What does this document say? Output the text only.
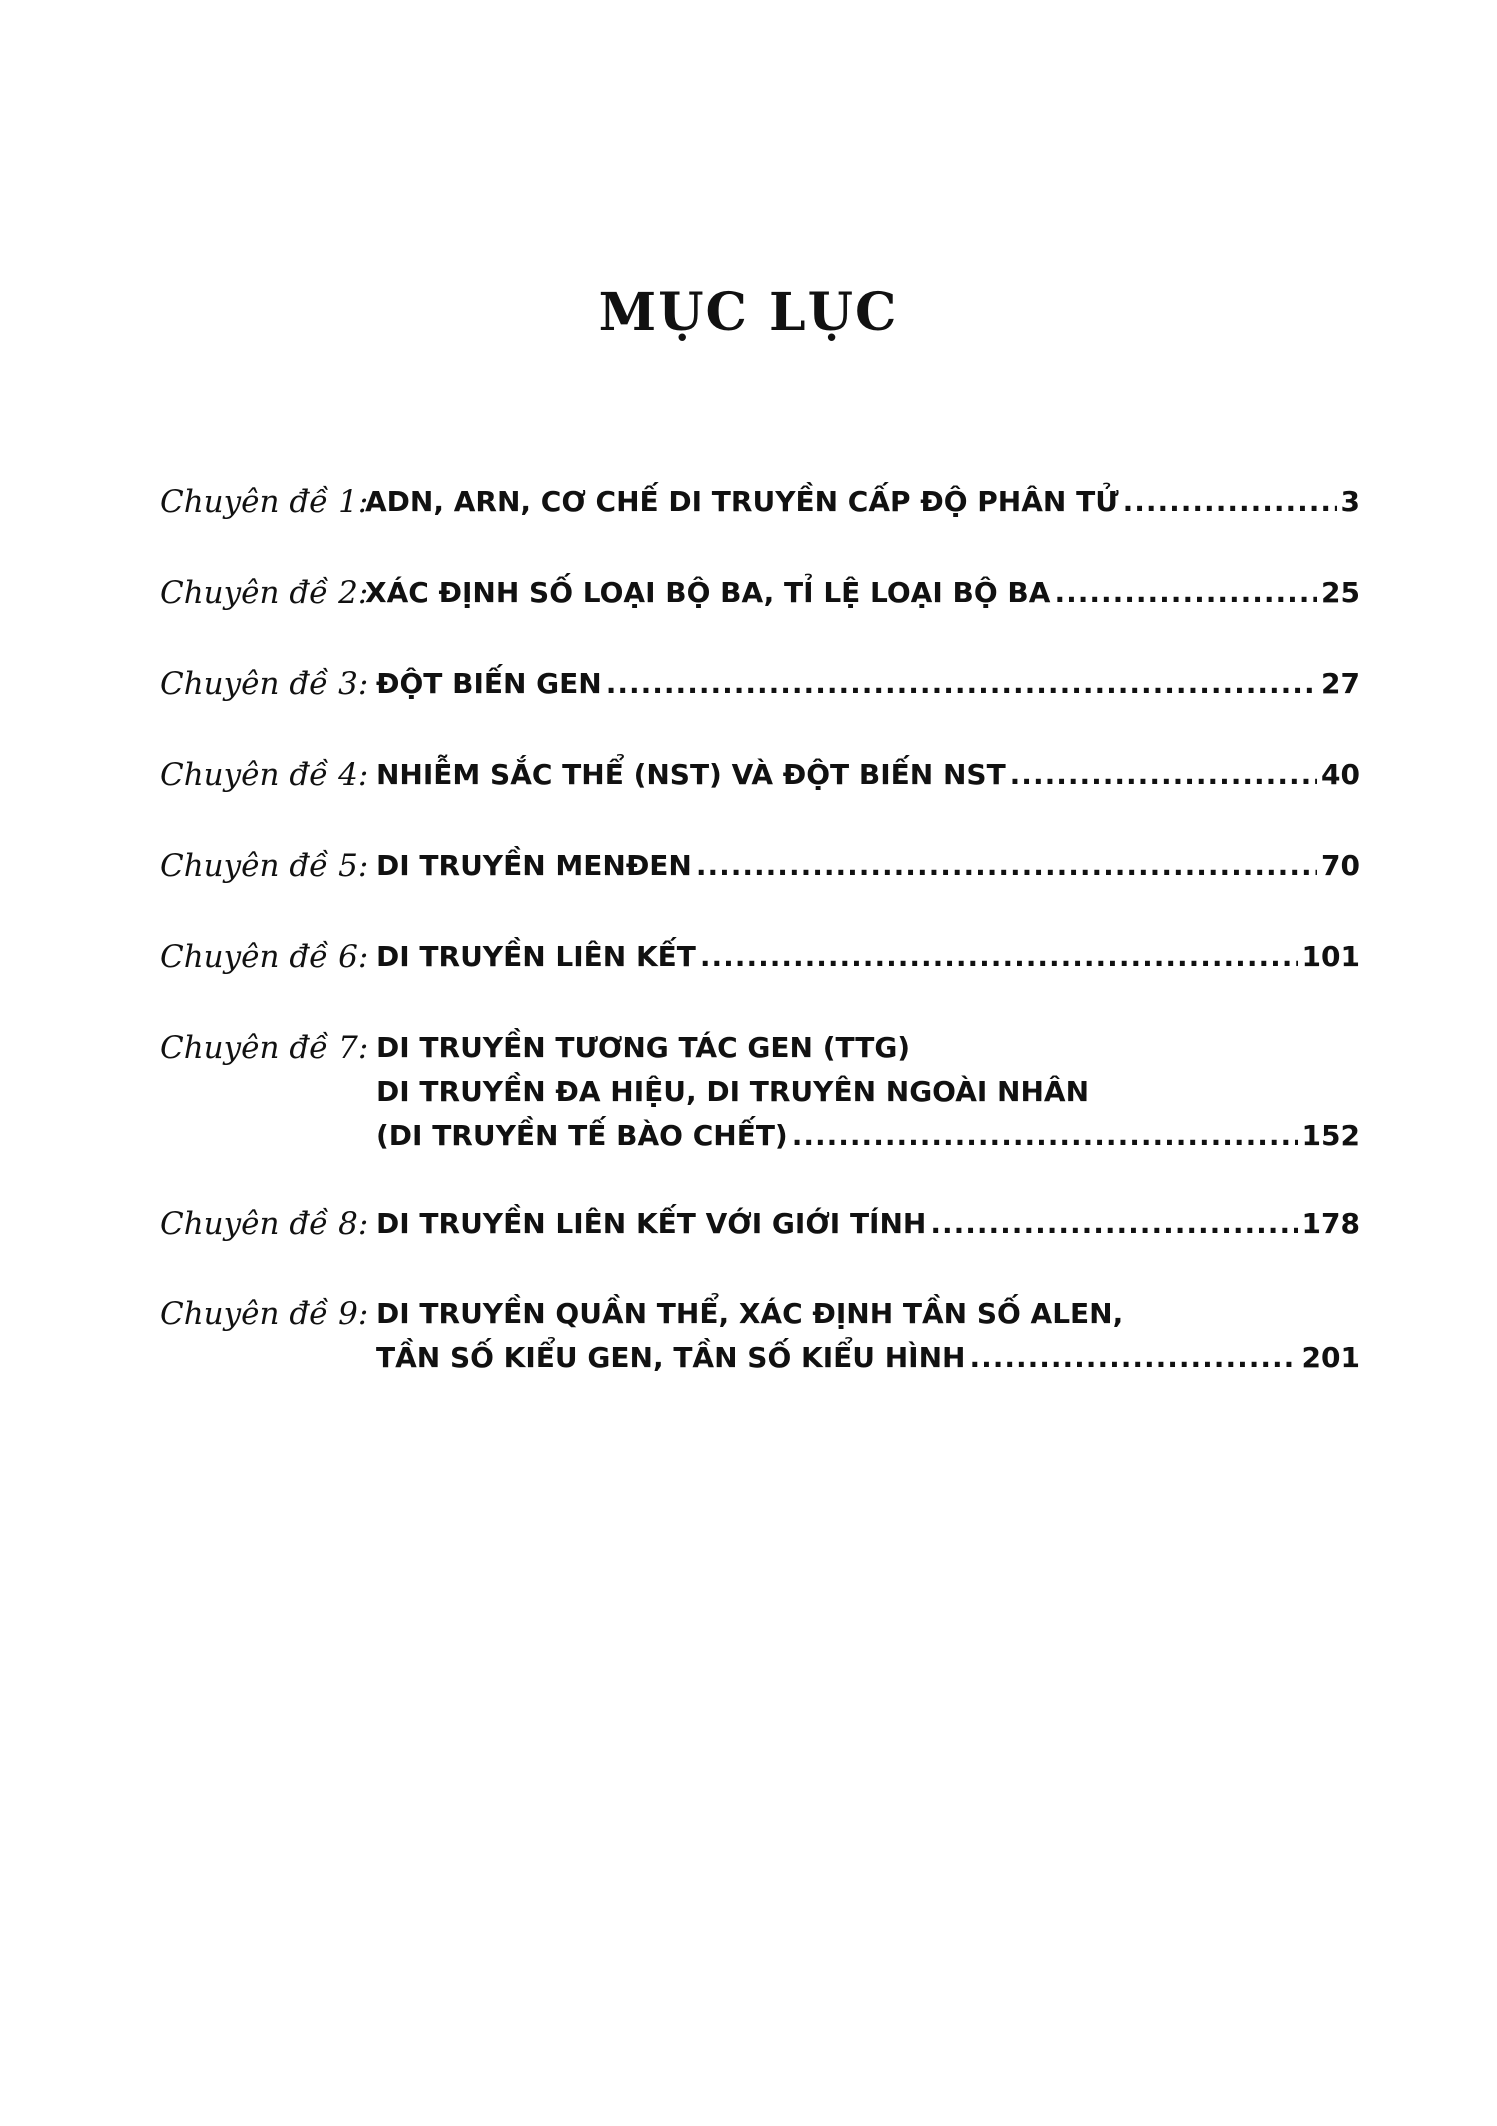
MỤC LỤC
Chuyên đề 1:
ADN, ARN, CƠ CHẾ DI TRUYỀN CẤP ĐỘ PHÂN TỬ .....	3
Chuyên đề 2:
XÁC ĐỊNH SỐ LOẠI BỘ BA, TỈ LỆ LOẠI BỘ BA .....	25
Chuyên đề 3: ĐỘT BIẾN GEN .....	27
Chuyên đề 4: NHIỄM SẮC THỂ (NST) VÀ ĐỘT BIẾN NST .....	40
Chuyên đề 5: DI TRUYỀN MENĐEN .....	70
Chuyên đề 6: DI TRUYỀN LIÊN KẾT .....	101
Chuyên đề 7: DI TRUYỀN TƯƠNG TÁC GEN (TTG)
DI TRUYỀN ĐA HIỆU, DI TRUYÊN NGOÀI NHÂN
(DI TRUYỀN TẾ BÀO CHẾT) .....	152
Chuyên đề 8: DI TRUYỀN LIÊN KẾT VỚI GIỚI TÍNH .....	178
Chuyên đề 9: DI TRUYỀN QUẦN THỂ, XÁC ĐỊNH TẦN SỐ ALEN,
TẦN SỐ KIỂU GEN, TẦN SỐ KIỂU HÌNH .....	201
